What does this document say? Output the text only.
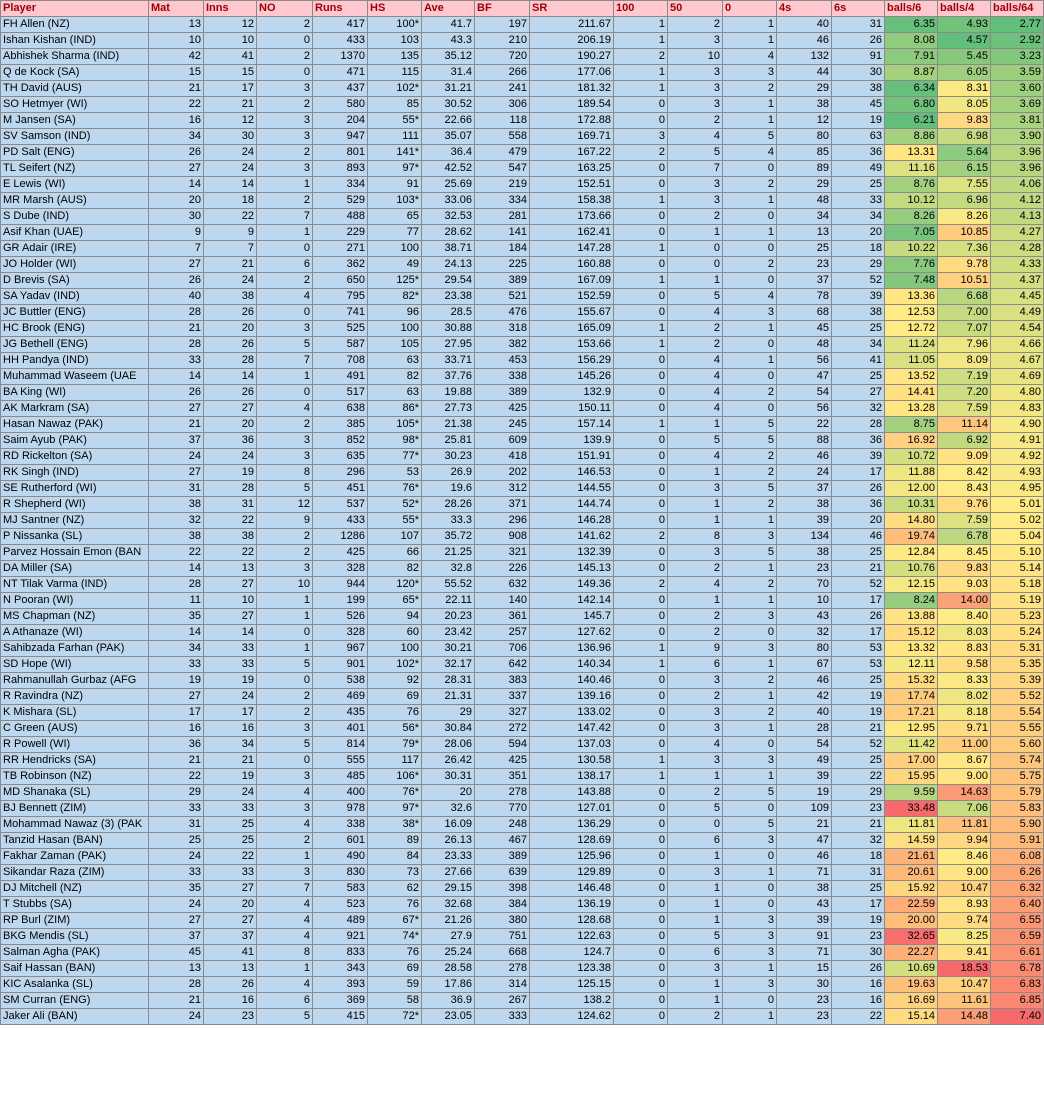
Player	Mat	Inns	NO	Runs	HS	Ave	BF	SR	100	50	0	4s	6s	balls/6	balls/4	balls/64
FH Allen (NZ)	13	12	2	417	100*	41.7	197	211.67	1	2	1	40	31	6.35	4.93	2.77
Ishan Kishan (IND)	10	10	0	433	103	43.3	210	206.19	1	3	1	46	26	8.08	4.57	2.92
Abhishek Sharma (IND)	42	41	2	1370	135	35.12	720	190.27	2	10	4	132	91	7.91	5.45	3.23
Q de Kock (SA)	15	15	0	471	115	31.4	266	177.06	1	3	3	44	30	8.87	6.05	3.59
TH David (AUS)	21	17	3	437	102*	31.21	241	181.32	1	3	2	29	38	6.34	8.31	3.60
SO Hetmyer (WI)	22	21	2	580	85	30.52	306	189.54	0	3	1	38	45	6.80	8.05	3.69
M Jansen (SA)	16	12	3	204	55*	22.66	118	172.88	0	2	1	12	19	6.21	9.83	3.81
SV Samson (IND)	34	30	3	947	111	35.07	558	169.71	3	4	5	80	63	8.86	6.98	3.90
PD Salt (ENG)	26	24	2	801	141*	36.4	479	167.22	2	5	4	85	36	13.31	5.64	3.96
TL Seifert (NZ)	27	24	3	893	97*	42.52	547	163.25	0	7	0	89	49	11.16	6.15	3.96
E Lewis (WI)	14	14	1	334	91	25.69	219	152.51	0	3	2	29	25	8.76	7.55	4.06
MR Marsh (AUS)	20	18	2	529	103*	33.06	334	158.38	1	3	1	48	33	10.12	6.96	4.12
S Dube (IND)	30	22	7	488	65	32.53	281	173.66	0	2	0	34	34	8.26	8.26	4.13
Asif Khan (UAE)	9	9	1	229	77	28.62	141	162.41	0	1	1	13	20	7.05	10.85	4.27
GR Adair (IRE)	7	7	0	271	100	38.71	184	147.28	1	0	0	25	18	10.22	7.36	4.28
JO Holder (WI)	27	21	6	362	49	24.13	225	160.88	0	0	2	23	29	7.76	9.78	4.33
D Brevis (SA)	26	24	2	650	125*	29.54	389	167.09	1	1	0	37	52	7.48	10.51	4.37
SA Yadav (IND)	40	38	4	795	82*	23.38	521	152.59	0	5	4	78	39	13.36	6.68	4.45
JC Buttler (ENG)	28	26	0	741	96	28.5	476	155.67	0	4	3	68	38	12.53	7.00	4.49
HC Brook (ENG)	21	20	3	525	100	30.88	318	165.09	1	2	1	45	25	12.72	7.07	4.54
JG Bethell (ENG)	28	26	5	587	105	27.95	382	153.66	1	2	0	48	34	11.24	7.96	4.66
HH Pandya (IND)	33	28	7	708	63	33.71	453	156.29	0	4	1	56	41	11.05	8.09	4.67
Muhammad Waseem (UAE	14	14	1	491	82	37.76	338	145.26	0	4	0	47	25	13.52	7.19	4.69
BA King (WI)	26	26	0	517	63	19.88	389	132.9	0	4	2	54	27	14.41	7.20	4.80
AK Markram (SA)	27	27	4	638	86*	27.73	425	150.11	0	4	0	56	32	13.28	7.59	4.83
Hasan Nawaz (PAK)	21	20	2	385	105*	21.38	245	157.14	1	1	5	22	28	8.75	11.14	4.90
Saim Ayub (PAK)	37	36	3	852	98*	25.81	609	139.9	0	5	5	88	36	16.92	6.92	4.91
RD Rickelton (SA)	24	24	3	635	77*	30.23	418	151.91	0	4	2	46	39	10.72	9.09	4.92
RK Singh (IND)	27	19	8	296	53	26.9	202	146.53	0	1	2	24	17	11.88	8.42	4.93
SE Rutherford (WI)	31	28	5	451	76*	19.6	312	144.55	0	3	5	37	26	12.00	8.43	4.95
R Shepherd (WI)	38	31	12	537	52*	28.26	371	144.74	0	1	2	38	36	10.31	9.76	5.01
MJ Santner (NZ)	32	22	9	433	55*	33.3	296	146.28	0	1	1	39	20	14.80	7.59	5.02
P Nissanka (SL)	38	38	2	1286	107	35.72	908	141.62	2	8	3	134	46	19.74	6.78	5.04
Parvez Hossain Emon (BAN	22	22	2	425	66	21.25	321	132.39	0	3	5	38	25	12.84	8.45	5.10
DA Miller (SA)	14	13	3	328	82	32.8	226	145.13	0	2	1	23	21	10.76	9.83	5.14
NT Tilak Varma (IND)	28	27	10	944	120*	55.52	632	149.36	2	4	2	70	52	12.15	9.03	5.18
N Pooran (WI)	11	10	1	199	65*	22.11	140	142.14	0	1	1	10	17	8.24	14.00	5.19
MS Chapman (NZ)	35	27	1	526	94	20.23	361	145.7	0	2	3	43	26	13.88	8.40	5.23
A Athanaze (WI)	14	14	0	328	60	23.42	257	127.62	0	2	0	32	17	15.12	8.03	5.24
Sahibzada Farhan (PAK)	34	33	1	967	100	30.21	706	136.96	1	9	3	80	53	13.32	8.83	5.31
SD Hope (WI)	33	33	5	901	102*	32.17	642	140.34	1	6	1	67	53	12.11	9.58	5.35
Rahmanullah Gurbaz (AFG	19	19	0	538	92	28.31	383	140.46	0	3	2	46	25	15.32	8.33	5.39
R Ravindra (NZ)	27	24	2	469	69	21.31	337	139.16	0	2	1	42	19	17.74	8.02	5.52
K Mishara (SL)	17	17	2	435	76	29	327	133.02	0	3	2	40	19	17.21	8.18	5.54
C Green (AUS)	16	16	3	401	56*	30.84	272	147.42	0	3	1	28	21	12.95	9.71	5.55
R Powell (WI)	36	34	5	814	79*	28.06	594	137.03	0	4	0	54	52	11.42	11.00	5.60
RR Hendricks (SA)	21	21	0	555	117	26.42	425	130.58	1	3	3	49	25	17.00	8.67	5.74
TB Robinson (NZ)	22	19	3	485	106*	30.31	351	138.17	1	1	1	39	22	15.95	9.00	5.75
MD Shanaka (SL)	29	24	4	400	76*	20	278	143.88	0	2	5	19	29	9.59	14.63	5.79
BJ Bennett (ZIM)	33	33	3	978	97*	32.6	770	127.01	0	5	0	109	23	33.48	7.06	5.83
Mohammad Nawaz (3) (PAK	31	25	4	338	38*	16.09	248	136.29	0	0	5	21	21	11.81	11.81	5.90
Tanzid Hasan (BAN)	25	25	2	601	89	26.13	467	128.69	0	6	3	47	32	14.59	9.94	5.91
Fakhar Zaman (PAK)	24	22	1	490	84	23.33	389	125.96	0	1	0	46	18	21.61	8.46	6.08
Sikandar Raza (ZIM)	33	33	3	830	73	27.66	639	129.89	0	3	1	71	31	20.61	9.00	6.26
DJ Mitchell (NZ)	35	27	7	583	62	29.15	398	146.48	0	1	0	38	25	15.92	10.47	6.32
T Stubbs (SA)	24	20	4	523	76	32.68	384	136.19	0	1	0	43	17	22.59	8.93	6.40
RP Burl (ZIM)	27	27	4	489	67*	21.26	380	128.68	0	1	3	39	19	20.00	9.74	6.55
BKG Mendis (SL)	37	37	4	921	74*	27.9	751	122.63	0	5	3	91	23	32.65	8.25	6.59
Salman Agha (PAK)	45	41	8	833	76	25.24	668	124.7	0	6	3	71	30	22.27	9.41	6.61
Saif Hassan (BAN)	13	13	1	343	69	28.58	278	123.38	0	3	1	15	26	10.69	18.53	6.78
KIC Asalanka (SL)	28	26	4	393	59	17.86	314	125.15	0	1	3	30	16	19.63	10.47	6.83
SM Curran (ENG)	21	16	6	369	58	36.9	267	138.2	0	1	0	23	16	16.69	11.61	6.85
Jaker Ali (BAN)	24	23	5	415	72*	23.05	333	124.62	0	2	1	23	22	15.14	14.48	7.40
